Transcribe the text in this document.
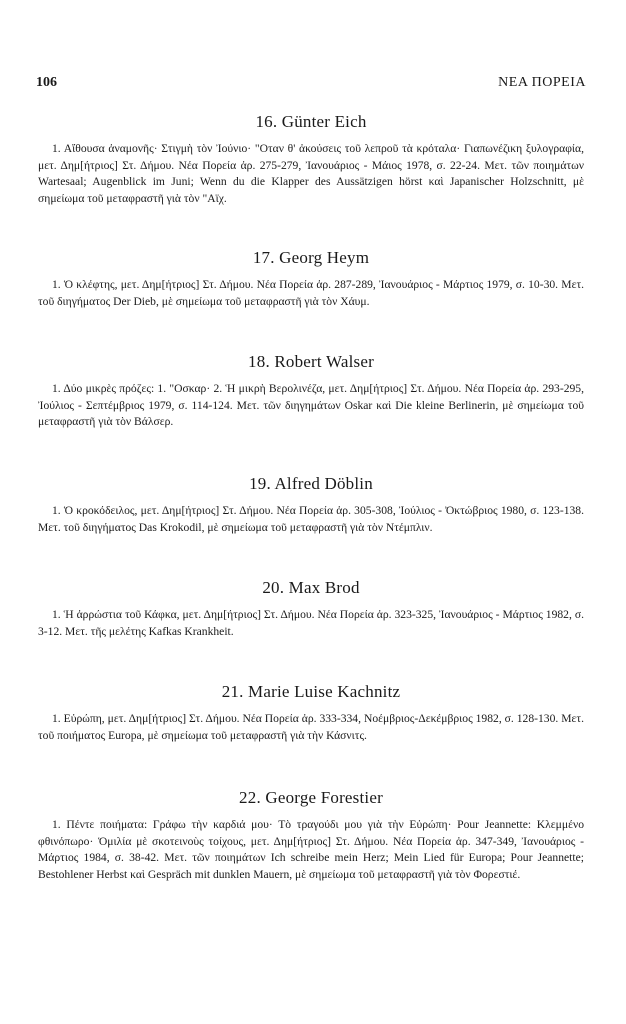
106	ΝΕΑ ΠΟΡΕΙΑ
16. Günter Eich

1. Αἴθουσα ἀναμονῆς· Στιγμὴ τὸν Ἰούνιο· "Οταν θ' ἀκούσεις τοῦ λεπροῦ τὰ κρόταλα· Γιαπωνέζικη ξυλογραφία, μετ. Δημ[ήτριος] Στ. Δήμου. Νέα Πορεία ἀρ. 275-279, Ἰανουάριος - Μάιος 1978, σ. 22-24. Μετ. τῶν ποιημάτων Wartesaal; Augenblick im Juni; Wenn du die Klapper des Aussätzigen hörst καὶ Japanischer Holzschnitt, μὲ σημείωμα τοῦ μεταφραστῆ γιὰ τὸν "Αϊχ.

17. Georg Heym

1. Ὁ κλέφτης, μετ. Δημ[ήτριος] Στ. Δήμου. Νέα Πορεία ἀρ. 287-289, Ἰανουάριος - Μάρτιος 1979, σ. 10-30. Μετ. τοῦ διηγήματος Der Dieb, μὲ σημείωμα τοῦ μεταφραστῆ γιὰ τὸν Χάυμ.

18. Robert Walser

1. Δύο μικρὲς πρόζες: 1. "Οσκαρ· 2. Ἡ μικρὴ Βερολινέζα, μετ. Δημ[ήτριος] Στ. Δήμου. Νέα Πορεία ἀρ. 293-295, Ἰούλιος - Σεπτέμβριος 1979, σ. 114-124. Μετ. τῶν διηγημάτων Oskar καὶ Die kleine Berlinerin, μὲ σημείωμα τοῦ μεταφραστῆ γιὰ τὸν Βάλσερ.

19. Alfred Döblin

1. Ὁ κροκόδειλος, μετ. Δημ[ήτριος] Στ. Δήμου. Νέα Πορεία ἀρ. 305-308, Ἰούλιος - Ὀκτώβριος 1980, σ. 123-138. Μετ. τοῦ διηγήματος Das Krokodil, μὲ σημείωμα τοῦ μεταφραστῆ γιὰ τὸν Ντέμπλιν.

20. Max Brod

1. Ἡ ἀρρώστια τοῦ Κάφκα, μετ. Δημ[ήτριος] Στ. Δήμου. Νέα Πορεία ἀρ. 323-325, Ἰανουάριος - Μάρτιος 1982, σ. 3-12. Μετ. τῆς μελέτης Kafkas Krankheit.

21. Marie Luise Kachnitz

1. Εὐρώπη, μετ. Δημ[ήτριος] Στ. Δήμου. Νέα Πορεία ἀρ. 333-334, Νοέμβριος-Δεκέμβριος 1982, σ. 128-130. Μετ. τοῦ ποιήματος Europa, μὲ σημείωμα τοῦ μεταφραστῆ γιὰ τὴν Κάσνιτς.

22. George Forestier

1. Πέντε ποιήματα: Γράφω τὴν καρδιά μου· Τὸ τραγούδι μου γιὰ τὴν Εὐρώπη· Pour Jeannette: Κλεμμένο φθινόπωρο· Ὁμιλία μὲ σκοτεινοὺς τοίχους, μετ. Δημ[ήτριος] Στ. Δήμου. Νέα Πορεία ἀρ. 347-349, Ἰανουάριος - Μάρτιος 1984, σ. 38-42. Μετ. τῶν ποιημάτων Ich schreibe mein Herz; Mein Lied für Europa; Pour Jeannette; Bestohlener Herbst καὶ Gespräch mit dunklen Mauern, μὲ σημείωμα τοῦ μεταφραστῆ γιὰ τὸν Φορεστιέ.
